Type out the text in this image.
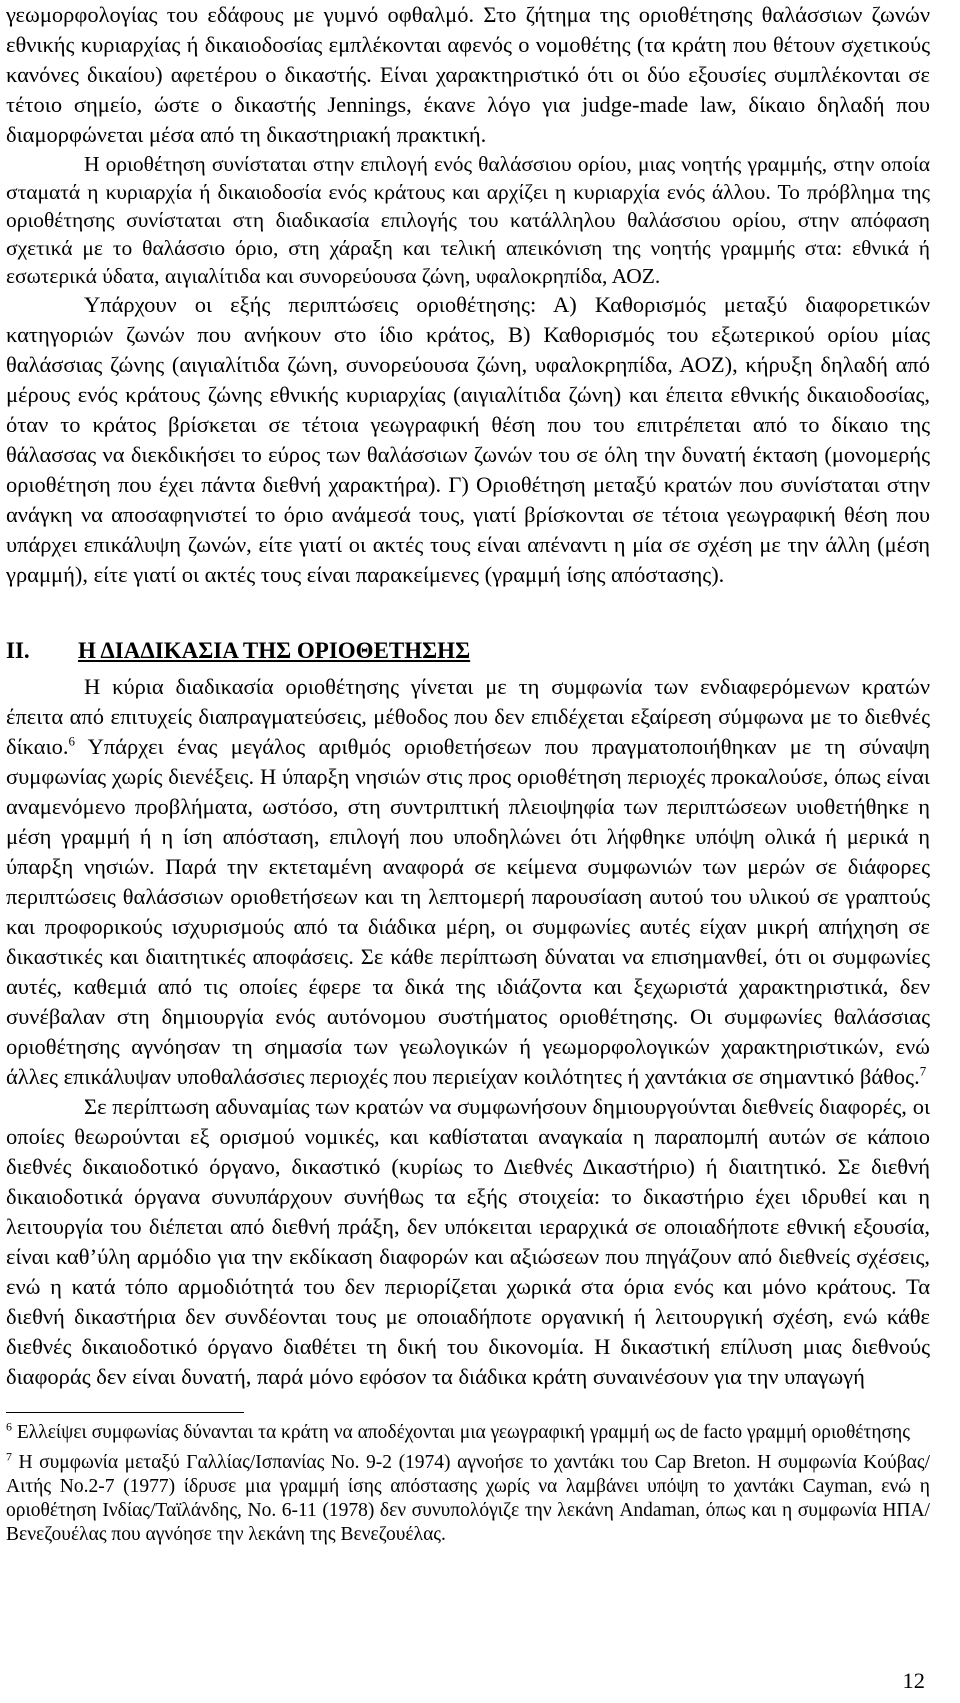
γεωμορφολογίας του εδάφους με γυμνό οφθαλμό. Στο ζήτημα της οριοθέτησης θαλάσσιων ζωνών εθνικής κυριαρχίας ή δικαιοδοσίας εμπλέκονται αφενός ο νομοθέτης (τα κράτη που θέτουν σχετικούς κανόνες δικαίου) αφετέρου ο δικαστής. Είναι χαρακτηριστικό ότι οι δύο εξουσίες συμπλέκονται σε τέτοιο σημείο, ώστε ο δικαστής Jennings, έκανε λόγο για judge-made law, δίκαιο δηλαδή που διαμορφώνεται μέσα από τη δικαστηριακή πρακτική.

Η οριοθέτηση συνίσταται στην επιλογή ενός θαλάσσιου ορίου, μιας νοητής γραμμής, στην οποία σταματά η κυριαρχία ή δικαιοδοσία ενός κράτους και αρχίζει η κυριαρχία ενός άλλου. Το πρόβλημα της οριοθέτησης συνίσταται στη διαδικασία επιλογής του κατάλληλου θαλάσσιου ορίου, στην απόφαση σχετικά με το θαλάσσιο όριο, στη χάραξη και τελική απεικόνιση της νοητής γραμμής στα: εθνικά ή εσωτερικά ύδατα, αιγιαλίτιδα και συνορεύουσα ζώνη, υφαλοκρηπίδα, ΑΟΖ.

Υπάρχουν οι εξής περιπτώσεις οριοθέτησης: Α) Καθορισμός μεταξύ διαφορετικών κατηγοριών ζωνών που ανήκουν στο ίδιο κράτος, Β) Καθορισμός του εξωτερικού ορίου μίας θαλάσσιας ζώνης (αιγιαλίτιδα ζώνη, συνορεύουσα ζώνη, υφαλοκρηπίδα, ΑΟΖ), κήρυξη δηλαδή από μέρους ενός κράτους ζώνης εθνικής κυριαρχίας (αιγιαλίτιδα ζώνη) και έπειτα εθνικής δικαιοδοσίας, όταν το κράτος βρίσκεται σε τέτοια γεωγραφική θέση που του επιτρέπεται από το δίκαιο της θάλασσας να διεκδικήσει το εύρος των θαλάσσιων ζωνών του σε όλη την δυνατή έκταση (μονομερής οριοθέτηση που έχει πάντα διεθνή χαρακτήρα). Γ) Οριοθέτηση μεταξύ κρατών που συνίσταται στην ανάγκη να αποσαφηνιστεί το όριο ανάμεσά τους, γιατί βρίσκονται σε τέτοια γεωγραφική θέση που υπάρχει επικάλυψη ζωνών, είτε γιατί οι ακτές τους είναι απέναντι η μία σε σχέση με την άλλη (μέση γραμμή), είτε γιατί οι ακτές τους είναι παρακείμενες (γραμμή ίσης απόστασης).

II.	Η ΔΙΑΔΙΚΑΣΙΑ ΤΗΣ ΟΡΙΟΘΕΤΗΣΗΣ

Η κύρια διαδικασία οριοθέτησης γίνεται με τη συμφωνία των ενδιαφερόμενων κρατών έπειτα από επιτυχείς διαπραγματεύσεις, μέθοδος που δεν επιδέχεται εξαίρεση σύμφωνα με το διεθνές δίκαιο.$^6$ Υπάρχει ένας μεγάλος αριθμός οριοθετήσεων που πραγματοποιήθηκαν με τη σύναψη συμφωνίας χωρίς διενέξεις. Η ύπαρξη νησιών στις προς οριοθέτηση περιοχές προκαλούσε, όπως είναι αναμενόμενο προβλήματα, ωστόσο, στη συντριπτική πλειοψηφία των περιπτώσεων υιοθετήθηκε η μέση γραμμή ή η ίση απόσταση, επιλογή που υποδηλώνει ότι λήφθηκε υπόψη ολικά ή μερικά η ύπαρξη νησιών. Παρά την εκτεταμένη αναφορά σε κείμενα συμφωνιών των μερών σε διάφορες περιπτώσεις θαλάσσιων οριοθετήσεων και τη λεπτομερή παρουσίαση αυτού του υλικού σε γραπτούς και προφορικούς ισχυρισμούς από τα διάδικα μέρη, οι συμφωνίες αυτές είχαν μικρή απήχηση σε δικαστικές και διαιτητικές αποφάσεις. Σε κάθε περίπτωση δύναται να επισημανθεί, ότι οι συμφωνίες αυτές, καθεμιά από τις οποίες έφερε τα δικά της ιδιάζοντα και ξεχωριστά χαρακτηριστικά, δεν συνέβαλαν στη δημιουργία ενός αυτόνομου συστήματος οριοθέτησης. Οι συμφωνίες θαλάσσιας οριοθέτησης αγνόησαν τη σημασία των γεωλογικών ή γεωμορφολογικών χαρακτηριστικών, ενώ άλλες επικάλυψαν υποθαλάσσιες περιοχές που περιείχαν κοιλότητες ή χαντάκια σε σημαντικό βάθος.$^7$

Σε περίπτωση αδυναμίας των κρατών να συμφωνήσουν δημιουργούνται διεθνείς διαφορές, οι οποίες θεωρούνται εξ ορισμού νομικές, και καθίσταται αναγκαία η παραπομπή αυτών σε κάποιο διεθνές δικαιοδοτικό όργανο, δικαστικό (κυρίως το Διεθνές Δικαστήριο) ή διαιτητικό. Σε διεθνή δικαιοδοτικά όργανα συνυπάρχουν συνήθως τα εξής στοιχεία: το δικαστήριο έχει ιδρυθεί και η λειτουργία του διέπεται από διεθνή πράξη, δεν υπόκειται ιεραρχικά σε οποιαδήποτε εθνική εξουσία, είναι καθ’ύλη αρμόδιο για την εκδίκαση διαφορών και αξιώσεων που πηγάζουν από διεθνείς σχέσεις, ενώ η κατά τόπο αρμοδιότητά του δεν περιορίζεται χωρικά στα όρια ενός και μόνο κράτους. Τα διεθνή δικαστήρια δεν συνδέονται τους με οποιαδήποτε οργανική ή λειτουργική σχέση, ενώ κάθε διεθνές δικαιοδοτικό όργανο διαθέτει τη δική του δικονομία. Η δικαστική επίλυση μιας διεθνούς διαφοράς δεν είναι δυνατή, παρά μόνο εφόσον τα διάδικα κράτη συναινέσουν για την υπαγωγή

$^6$ Ελλείψει συμφωνίας δύνανται τα κράτη να αποδέχονται μια γεωγραφική γραμμή ως de facto γραμμή οριοθέτησης

$^7$ Η συμφωνία μεταξύ Γαλλίας/Ισπανίας Νο. 9-2 (1974) αγνοήσε το χαντάκι του Cap Breton. Η συμφωνία Κούβας/Αιτής Νο.2-7 (1977) ίδρυσε μια γραμμή ίσης απόστασης χωρίς να λαμβάνει υπόψη το χαντάκι Cayman, ενώ η οριοθέτηση Ινδίας/Ταϊλάνδης, Νο. 6-11 (1978) δεν συνυπολόγιζε την λεκάνη Andaman, όπως και η συμφωνία ΗΠΑ/Βενεζουέλας που αγνόησε την λεκάνη της Βενεζουέλας.

12
